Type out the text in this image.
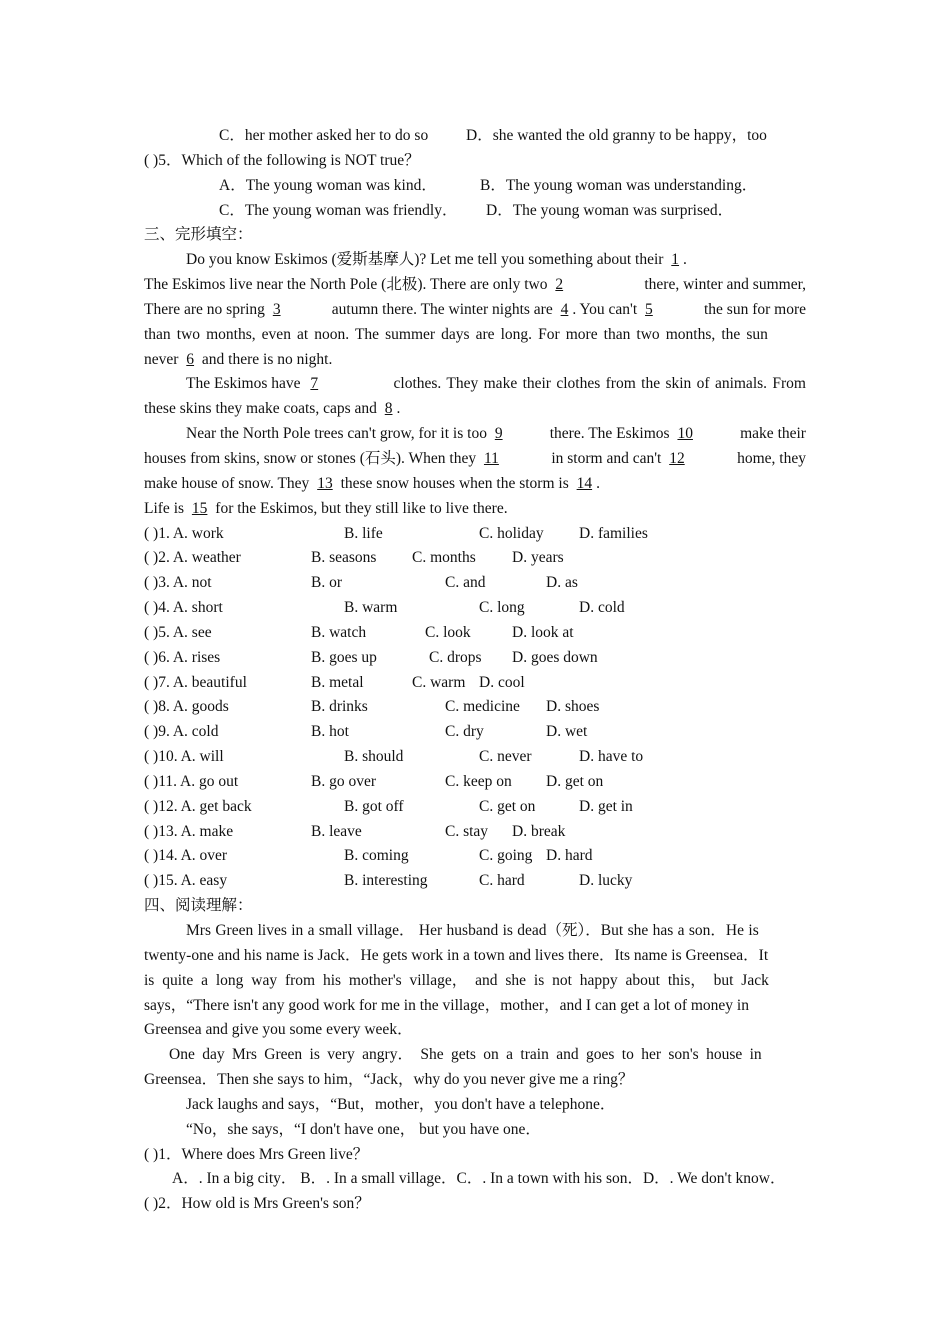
C．her mother asked her to do so D．she wanted the old granny to be happy，too
( )5．Which of the following is NOT true？
A．The young woman was kind．	B．The young woman was understanding．
C．The young woman was friendly． D．The young woman was surprised．
三、完形填空：
Do you know Eskimos (爱斯基摩人)? Let me tell you something about their 1 .
The Eskimos live near the North Pole (北极). There are only two 2	there, winter and summer,
There are no spring 3	autumn there. The winter nights are 4 . You can't 5	the sun for more
than two months, even at noon. The summer days are long. For more than two months, the sun
never
6
and there is no night.
The Eskimos have 7	clothes. They make their clothes from the skin of animals. From
these skins they make coats, caps and
8 .
Near the North Pole trees can't grow, for it is too 9	there. The Eskimos 10	make their
houses from skins, snow or stones (石头). When they 11	in storm and can't 12	home, they
make house of snow. They
13
these snow houses when the storm is
14 .
Life is
15
for the Eskimos, but they still like to live there.
( )1. A. work	B. life	C. holiday D. families
( )2. A. weather	B. seasons C. months D. years
( )3. A. not	B. or	C. and	D. as
( )4. A. short	B. warm	C. long	D. cold
( )5. A. see	B. watch	C. look	D. look at
( )6. A. rises	B. goes up	C. drops D. goes down
( )7. A. beautiful	B. metal	C. warm D. cool
( )8. A. goods	B. drinks	C. medicine D. shoes
( )9. A. cold	B. hot	C. dry	D. wet
( )10. A. will	B. should	C. never	D. have to
( )11. A. go out	B. go over	C. keep on D. get on
( )12. A. get back	B. got off	C. get on	D. get in
( )13. A. make	B. leave	C. stay D. break
( )14. A. over	B. coming	C. going D. hard
( )15. A. easy	B. interesting	C. hard	D. lucky
四、阅读理解：
Mrs Green lives in a small village． Her husband is dead（死）．But she has a son．He is
twenty-one and his name is Jack．He gets work in a town and lives there．Its name is Greensea．It
is quite a long way from his mother's village， and she is not happy about this， but Jack
says，“There isn't any good work for me in the village，mother，and I can get a lot of money in
Greensea and give you some every week．
One day Mrs Green is very angry． She gets on a train and goes to her son's house in
Greensea．Then she says to him，“Jack，why do you never give me a ring？
Jack laughs and says，“But，mother，you don't have a telephone．
“No，she says，“I don't have one， but you have one．
( )1．Where does Mrs Green live？
A．. In a big city． B．. In a small village．C．. In a town with his son．D．. We don't know．
( )2．How old is Mrs Green's son？
